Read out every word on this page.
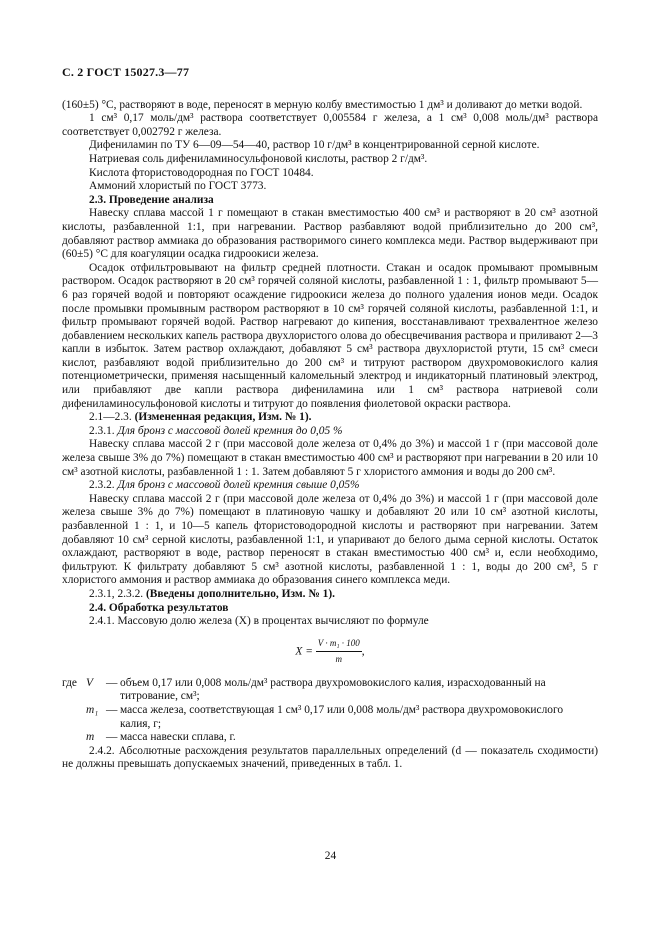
С. 2 ГОСТ 15027.3—77

(160±5) °С, растворяют в воде, переносят в мерную колбу вместимостью 1 дм³ и доливают до метки водой.

1 см³ 0,17 моль/дм³ раствора соответствует 0,005584 г железа, а 1 см³ 0,008 моль/дм³ раствора соответствует 0,002792 г железа.

Дифениламин по ТУ 6—09—54—40, раствор 10 г/дм³ в концентрированной серной кислоте.

Натриевая соль дифениламиносульфоновой кислоты, раствор 2 г/дм³.

Кислота фтористоводородная по ГОСТ 10484.

Аммоний хлористый по ГОСТ 3773.

2.3. Проведение анализа

Навеску сплава массой 1 г помещают в стакан вместимостью 400 см³ и растворяют в 20 см³ азотной кислоты, разбавленной 1:1, при нагревании. Раствор разбавляют водой приблизительно до 200 см³, добавляют раствор аммиака до образования растворимого синего комплекса меди. Раствор выдерживают при (60±5) °С для коагуляции осадка гидроокиси железа.

Осадок отфильтровывают на фильтр средней плотности. Стакан и осадок промывают промывным раствором. Осадок растворяют в 20 см³ горячей соляной кислоты, разбавленной 1 : 1, фильтр промывают 5—6 раз горячей водой и повторяют осаждение гидроокиси железа до полного удаления ионов меди. Осадок после промывки промывным раствором растворяют в 10 см³ горячей соляной кислоты, разбавленной 1:1, и фильтр промывают горячей водой. Раствор нагревают до кипения, восстанавливают трехвалентное железо добавлением нескольких капель раствора двухлористого олова до обесцвечивания раствора и приливают 2—3 капли в избыток. Затем раствор охлаждают, добавляют 5 см³ раствора двухлористой ртути, 15 см³ смеси кислот, разбавляют водой приблизительно до 200 см³ и титруют раствором двухромовокислого калия потенциометрически, применяя насыщенный каломельный электрод и индикаторный платиновый электрод, или прибавляют две капли раствора дифениламина или 1 см³ раствора натриевой соли дифениламиносульфоновой кислоты и титруют до появления фиолетовой окраски раствора.

2.1—2.3. (Измененная редакция, Изм. № 1).

2.3.1. Для бронз с массовой долей кремния до 0,05 %

Навеску сплава массой 2 г (при массовой доле железа от 0,4% до 3%) и массой 1 г (при массовой доле железа свыше 3% до 7%) помещают в стакан вместимостью 400 см³ и растворяют при нагревании в 20 или 10 см³ азотной кислоты, разбавленной 1 : 1. Затем добавляют 5 г хлористого аммония и воды до 200 см³.

2.3.2. Для бронз с массовой долей кремния свыше 0,05%

Навеску сплава массой 2 г (при массовой доле железа от 0,4% до 3%) и массой 1 г (при массовой доле железа свыше 3% до 7%) помещают в платиновую чашку и добавляют 20 или 10 см³ азотной кислоты, разбавленной 1 : 1, и 10—5 капель фтористоводородной кислоты и растворяют при нагревании. Затем добавляют 10 см³ серной кислоты, разбавленной 1:1, и упаривают до белого дыма серной кислоты. Остаток охлаждают, растворяют в воде, раствор переносят в стакан вместимостью 400 см³ и, если необходимо, фильтруют. К фильтрату добавляют 5 см³ азотной кислоты, разбавленной 1 : 1, воды до 200 см³, 5 г хлористого аммония и раствор аммиака до образования синего комплекса меди.

2.3.1, 2.3.2. (Введены дополнительно, Изм. № 1).

2.4. Обработка результатов

2.4.1. Массовую долю железа (X) в процентах вычисляют по формуле

$X = \frac{\text{V · m₁ · 100}}{m}$ ,
где V	— объем 0,17 или 0,008 моль/дм³ раствора двухромовокислого калия, израсходованный на
титрование, см³;
m₁ — масса железа, соответствующая 1 см³ 0,17 или 0,008 моль/дм³ раствора двухромовокислого
калия, г;
m	— масса навески сплава, г.

2.4.2. Абсолютные расхождения результатов параллельных определений (d — показатель сходимости) не должны превышать допускаемых значений, приведенных в табл. 1.

24
